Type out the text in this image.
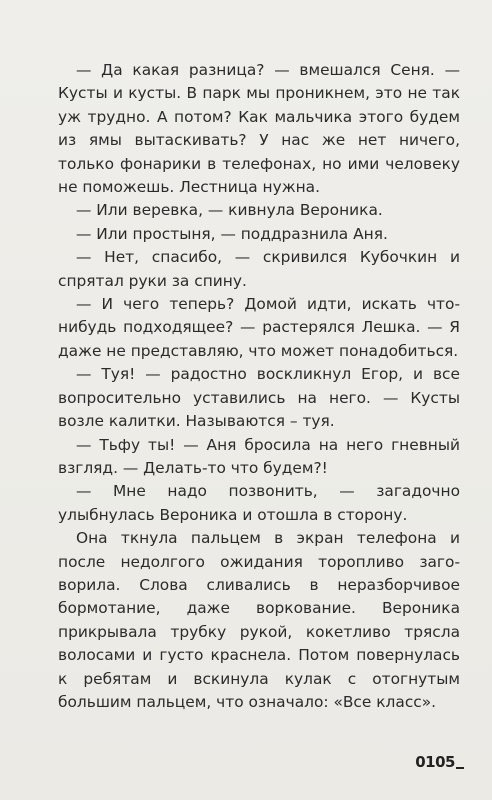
— Да какая разница? — вмешался Сеня. — Кусты и кусты. В парк мы проникнем, это не так уж трудно. А потом? Как мальчика этого будем из ямы вытаскивать? У нас же нет ничего, только фонарики в телефонах, но ими человеку не поможешь. Лестница нужна.

— Или веревка, — кивнула Вероника.

— Или простыня, — поддразнила Аня.

— Нет, спасибо, — скривился Кубочкин и спрятал руки за спину.

— И чего теперь? Домой идти, искать что-нибудь подходящее? — растерялся Лешка. — Я даже не представляю, что может понадобиться.

— Туя! — радостно воскликнул Егор, и все вопросительно уставились на него. — Кусты возле калитки. Называются – туя.

— Тьфу ты! — Аня бросила на него гневный взгляд. — Делать-то что будем?!

— Мне надо позвонить, — загадочно улыбнулась Вероника и отошла в сторону.

Она ткнула пальцем в экран телефона и после недолгого ожидания торопливо заговорила. Слова сливались в неразборчивое бормотание, даже воркование. Вероника прикрывала трубку рукой, кокетливо трясла волосами и густо краснела. Потом повернулась к ребятам и вскинула кулак с отогнутым большим пальцем, что означало: «Все класс».

0105
